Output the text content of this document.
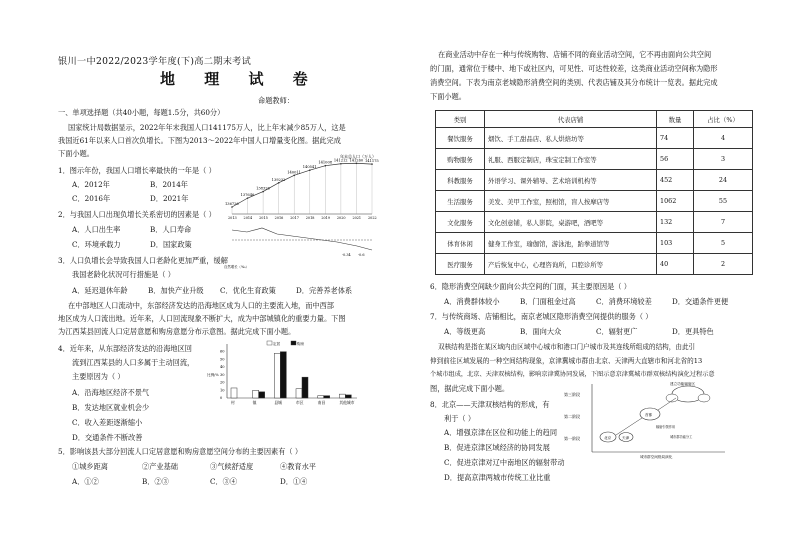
银川一中2022/2023学年度(下)高二期末考试
地 理 试 卷
命题教师：
一、单项选择题（共40小题，每题1.5分，共60分）
国家统计局数据显示，2022年年末我国人口141175万人，比上年末减少85万人，这是
我国近61年以来人口首次负增长。下图为2013～2022年中国人口增量变化图。据此完成
下面小题。
1．图示年份，我国人口增长率最快的一年是（ ）
A．2012年	B．2014年
C．2016年	D．2021年
2．与我国人口出现负增长关系密切的因素是（ ）
A．人口出生率	B．人口寿命
C．环境承载力	D．国家政策
3．人口负增长会导致我国人口老龄化更加严重，缓解
我国老龄化状况可行措施是（ ）
A．延迟退休年龄	B．加快产业升级 C．优化生育政策	D．完善养老体系
在中部地区人口流动中，东部经济发达的沿海地区成为人口的主要流入地，而中西部
地区成为人口流出地。近年来，人口回流现象不断扩大，成为中部城镇化的重要力量。下图
为江西某县回流人口定居意愿和购房意愿分布示意图。据此完成下面小题。
4．近年来，从东部经济发达的沿海地区回
流到江西某县的人口多属于主动回流，
主要原因为（ ）
A．沿海地区经济不景气
B．发达地区就业机会少
C．收入差距逐渐缩小
D．交通条件不断改善
5．影响该县大部分回流人口定居意愿和购房意愿空间分布的主要因素有（ ）
①城乡距离	②产业基础	③气候舒适度	④教育水平
A．①②	B．②③	C．③④	D．①④
年末总人口（万人）
136726
2013
137646
2014
138326
2015
139232
2016
140011
2017
140541
2018
141008
2019
141212
2020
141260
2021
141175
2022
-0.34 -0.6
自然增长（‰）
0
10
20
30
40
50
60
比例/%
村	镇	县城	市区	南昌	其他城市
定居	购房
在商业活动中存在一种与传统购物、店铺不同的商业活动空间，它不再由面向公共空间
的门面，通常位于楼中、地下或社区内，可见性、可达性较差，这类商业活动空间称为隐形
消费空间。下表为南京老城隐形消费空间的类别、代表店铺及其分布统计一览表。据此完成
下面小题。
类别	代表店铺	数量	占比（%）
餐饮服务	烟饮、手工甜品店、私人烘焙坊等	74	4
购物服务	礼服、西服定制店，珠宝定制工作室等	56	3
科教服务	外语学习、课外辅导、艺术培训机构等	452	24
生活服务	美发、美甲工作室，照相馆，盲人按摩店等	1062	55
文化服务	文化创意铺，私人影院，桌游吧，酒吧等	132	7
体育休闲	健身工作室，瑜伽馆，游泳池，跆拳道馆等	103	5
医疗服务	产后恢复中心，心理咨询所，口腔诊所等	40	2
6．隐形消费空间缺少面向公共空间的门面，其主要原因是（ ）
A．消费群体较小	B．门面租金过高	C．消费环境较差	D．交通条件更便
7．与传统商场、店铺相比，南京老城区隐形消费空间提供的服务（ ）
A．等级更高	B．面向大众	C．辐射更广	D．更具特色
双核结构是指在某区域内由区域中心城市和港口门户城市及其连线所组成的结构，由此引
伸到前往区域发展的一种空间结构现象，京津冀城市群由北京、天津两大直辖市和河北省的13
个城市组成，北京、天津双核结构，影响京津冀协同发展，下图示意京津冀城市群双核结构演化过程示意
图，据此完成下面小题。
8．北京——天津双核结构的形成，有
利于（ ）
A．增强京津在区位和功能上的趋同
B．促进京津区域经济的协同发展
C．促进京津对辽中南地区的辐射带动
D．提高京津两城市传统工业比重
第一阶段
第二阶段
第三阶段
北京	天津
首都
建立功能辐射区
辐射引领作用
城市群功能分工
城市群空间格局演化
